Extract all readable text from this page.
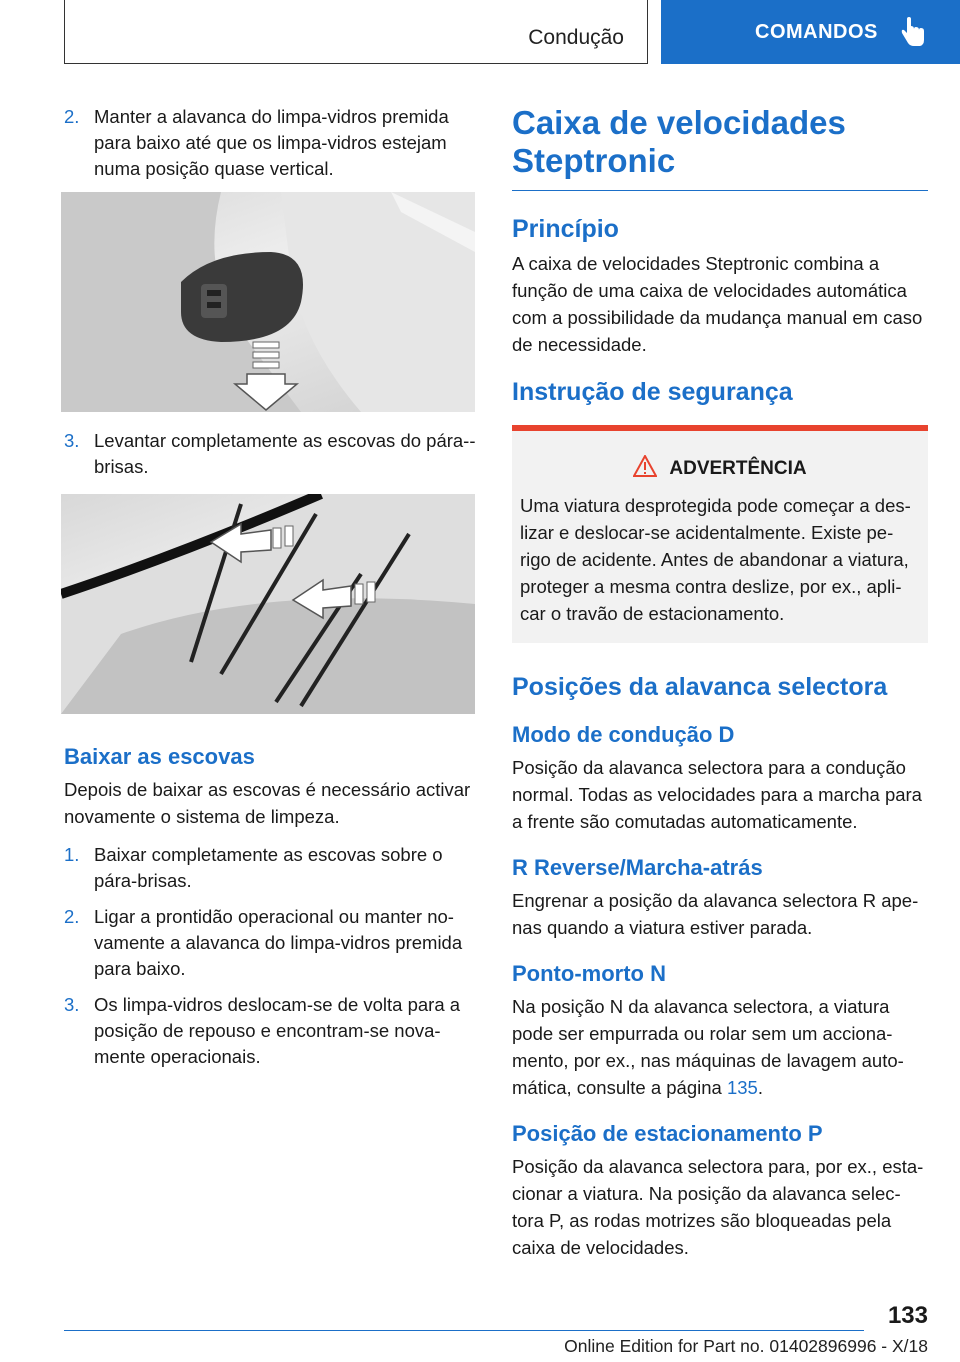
Condução	COMANDOS
2. Manter a alavanca do limpa-vidros premida para baixo até que os limpa-vidros estejam numa posição quase vertical.
3. Levantar completamente as escovas do pára--brisas.
Baixar as escovas

Depois de baixar as escovas é necessário activar novamente o sistema de limpeza.

1. Baixar completamente as escovas sobre o pára-brisas.
2. Ligar a prontidão operacional ou manter no-vamente a alavanca do limpa-vidros premida para baixo.
3. Os limpa-vidros deslocam-se de volta para a posição de repouso e encontram-se nova-mente operacionais.
Caixa de velocidades Steptronic
Princípio

A caixa de velocidades Steptronic combina a função de uma caixa de velocidades automática com a possibilidade da mudança manual em caso de necessidade.

Instrução de segurança
ADVERTÊNCIA

Uma viatura desprotegida pode começar a des-lizar e deslocar-se acidentalmente. Existe pe-rigo de acidente. Antes de abandonar a viatura, proteger a mesma contra deslize, por ex., apli-car o travão de estacionamento.

Posições da alavanca selectora
Modo de condução D

Posição da alavanca selectora para a condução normal. Todas as velocidades para a marcha para a frente são comutadas automaticamente.

R Reverse/Marcha-atrás

Engrenar a posição da alavanca selectora R ape-nas quando a viatura estiver parada.

Ponto-morto N

Na posição N da alavanca selectora, a viatura pode ser empurrada ou rolar sem um acciona-mento, por ex., nas máquinas de lavagem auto-mática, consulte a página 135.

Posição de estacionamento P

Posição da alavanca selectora para, por ex., esta-cionar a viatura. Na posição da alavanca selec-tora P, as rodas motrizes são bloqueadas pela caixa de velocidades.

133
Online Edition for Part no. 01402896996 - X/18
